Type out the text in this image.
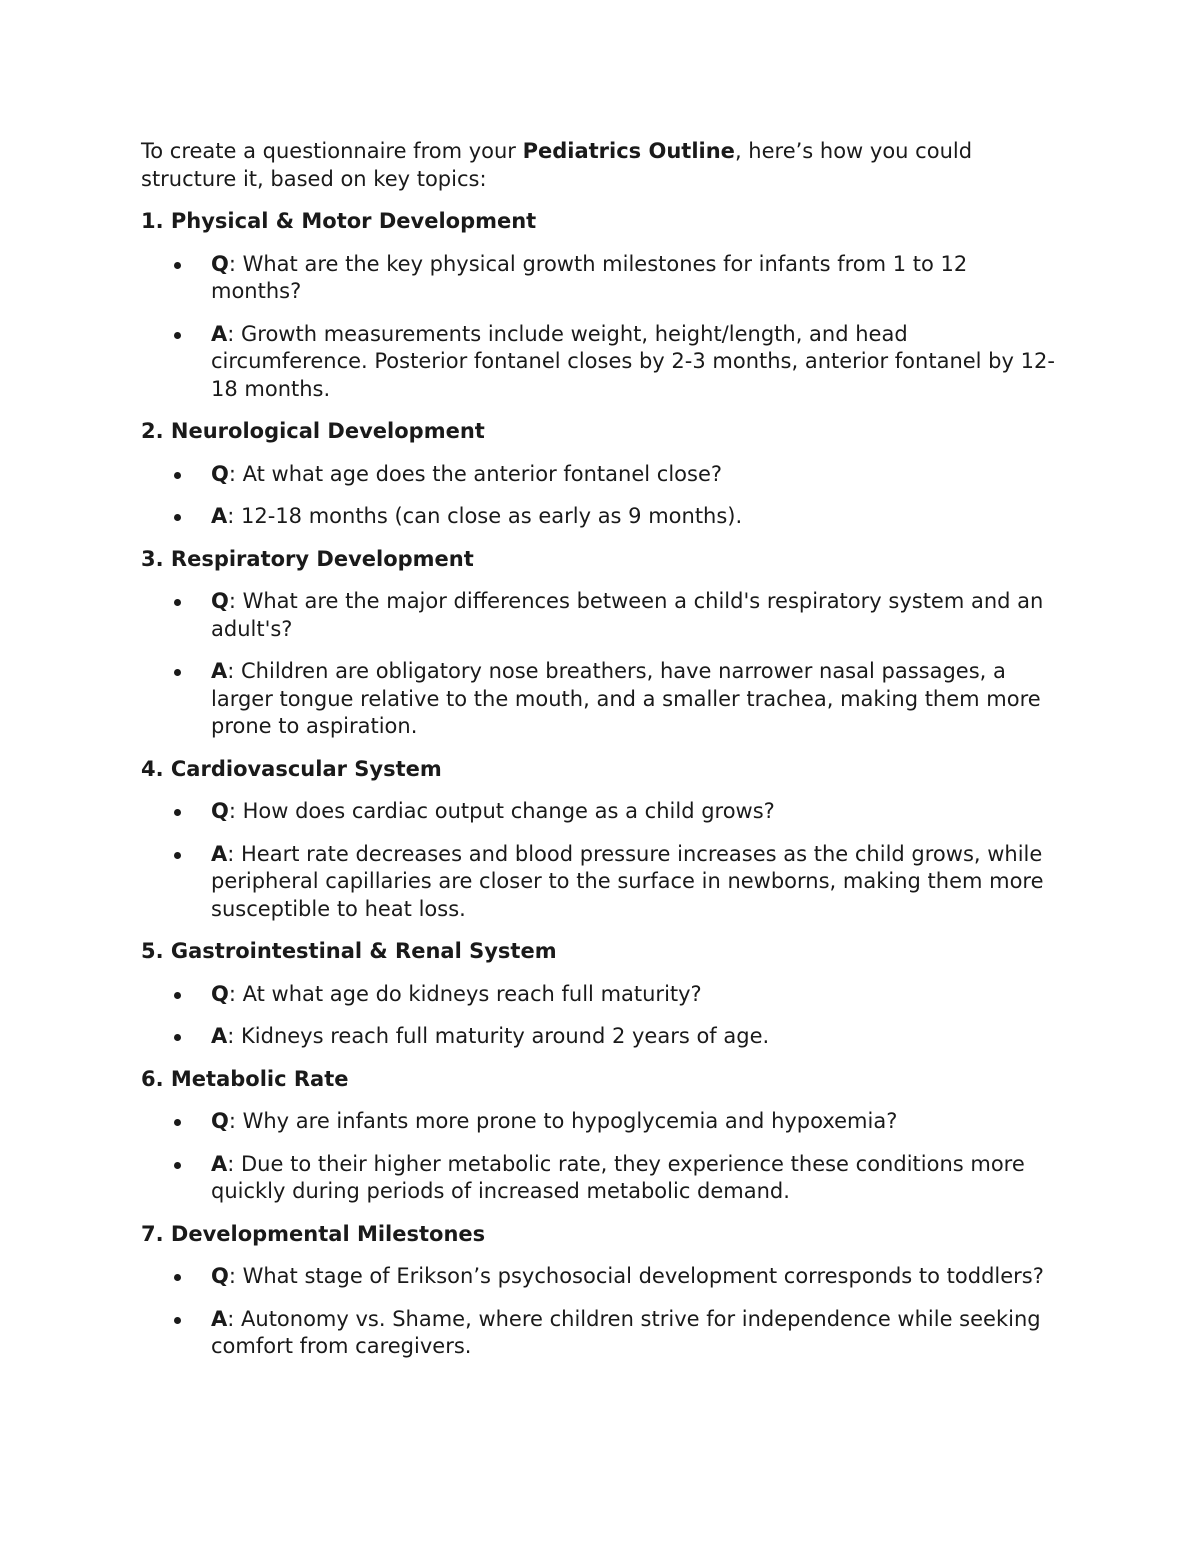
To create a questionnaire from your Pediatrics Outline, here’s how you could structure it, based on key topics:

1. Physical & Motor Development
Q: What are the key physical growth milestones for infants from 1 to 12 months?
A: Growth measurements include weight, height/length, and head circumference. Posterior fontanel closes by 2-3 months, anterior fontanel by 12-18 months.
2. Neurological Development
Q: At what age does the anterior fontanel close?
A: 12-18 months (can close as early as 9 months).
3. Respiratory Development
Q: What are the major differences between a child's respiratory system and an adult's?
A: Children are obligatory nose breathers, have narrower nasal passages, a larger tongue relative to the mouth, and a smaller trachea, making them more prone to aspiration.
4. Cardiovascular System
Q: How does cardiac output change as a child grows?
A: Heart rate decreases and blood pressure increases as the child grows, while peripheral capillaries are closer to the surface in newborns, making them more susceptible to heat loss.
5. Gastrointestinal & Renal System
Q: At what age do kidneys reach full maturity?
A: Kidneys reach full maturity around 2 years of age.
6. Metabolic Rate
Q: Why are infants more prone to hypoglycemia and hypoxemia?
A: Due to their higher metabolic rate, they experience these conditions more quickly during periods of increased metabolic demand.
7. Developmental Milestones
Q: What stage of Erikson’s psychosocial development corresponds to toddlers?
A: Autonomy vs. Shame, where children strive for independence while seeking comfort from caregivers.
